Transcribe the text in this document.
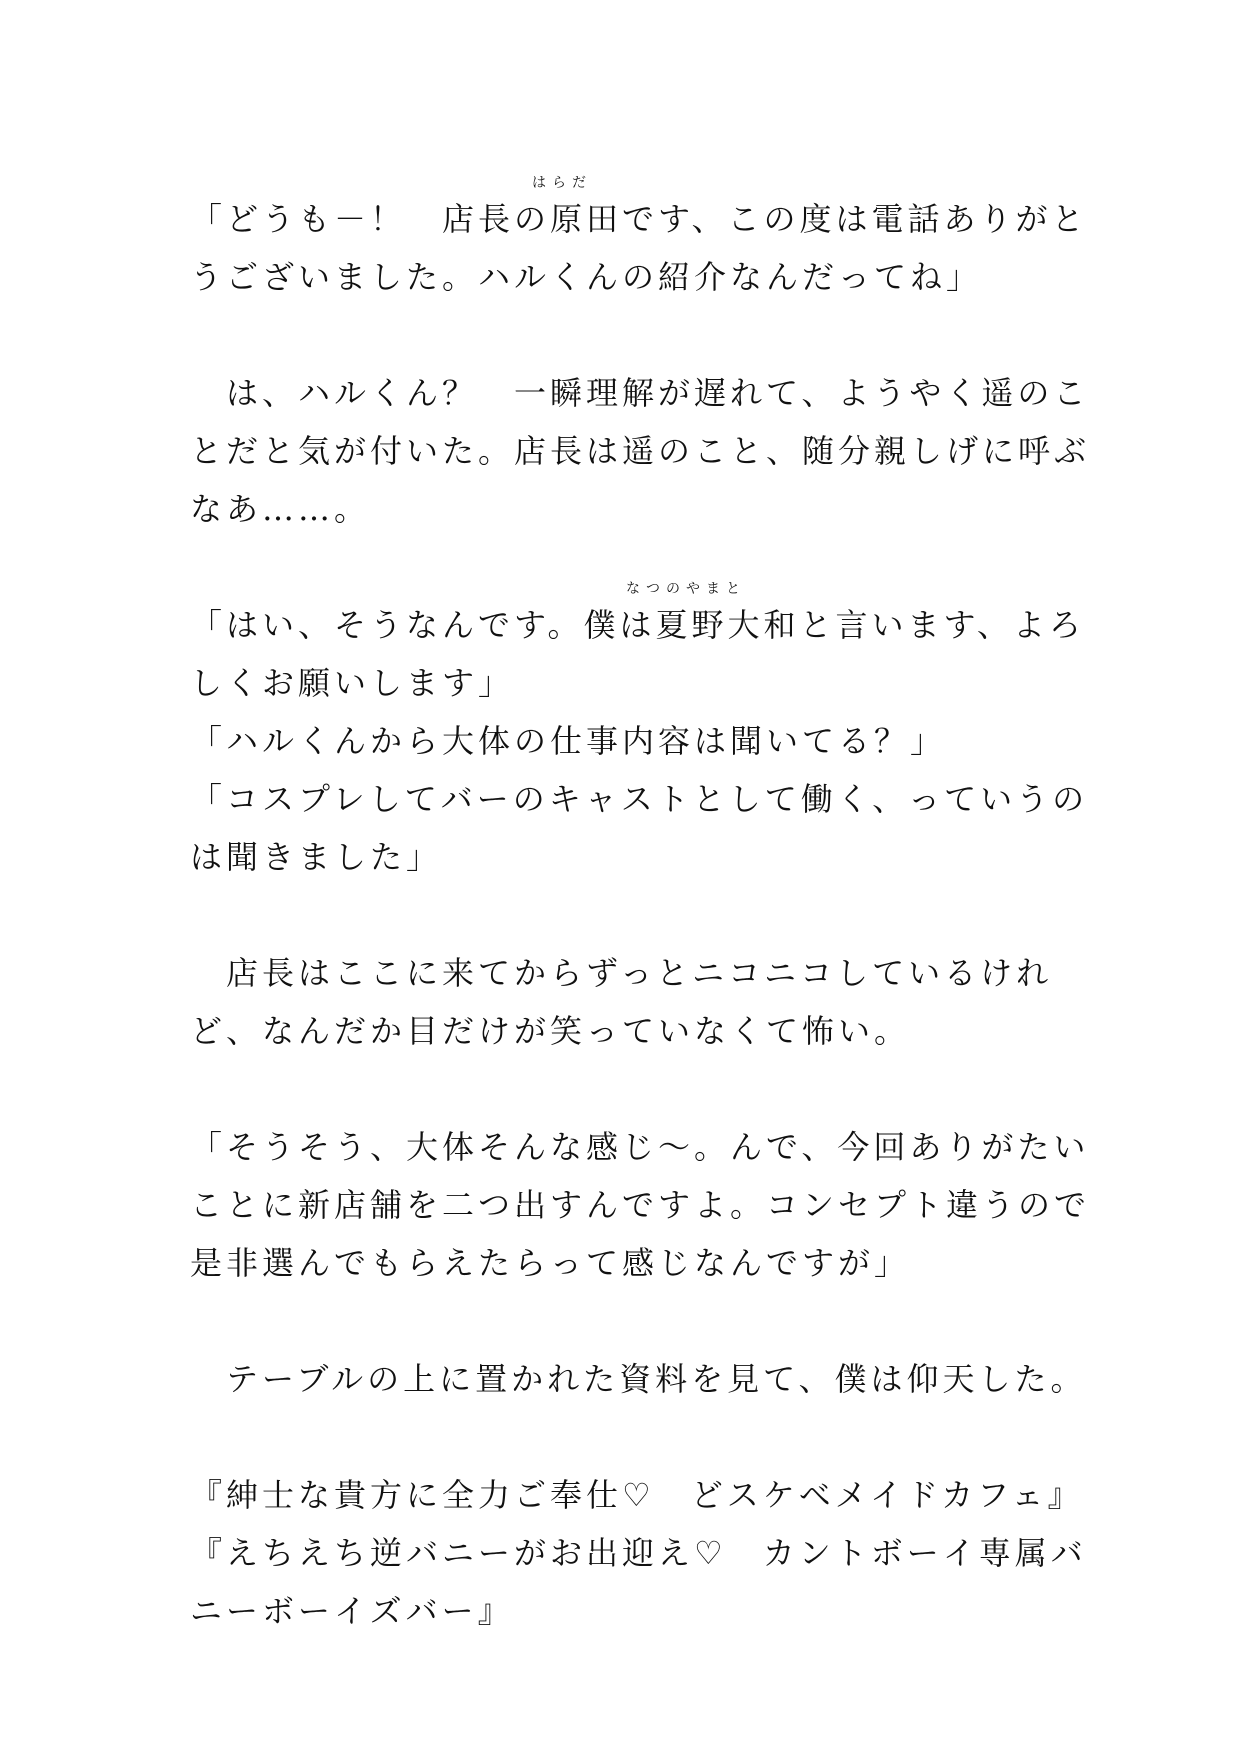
はらだ
「どうも－！　店長の原田です、この度は電話ありがと
うございました。ハルくんの紹介なんだってね」
　は、ハルくん？　一瞬理解が遅れて、ようやく遥のこ
とだと気が付いた。店長は遥のこと、随分親しげに呼ぶ
なあ……。
なつのやまと
「はい、そうなんです。僕は夏野大和と言います、よろ
しくお願いします」
「ハルくんから大体の仕事内容は聞いてる？」
「コスプレしてバーのキャストとして働く、っていうの
は聞きました」
　店長はここに来てからずっとニコニコしているけれ
ど、なんだか目だけが笑っていなくて怖い。
「そうそう、大体そんな感じ～。んで、今回ありがたい
ことに新店舗を二つ出すんですよ。コンセプト違うので
是非選んでもらえたらって感じなんですが」
　テーブルの上に置かれた資料を見て、僕は仰天した。
『紳士な貴方に全力ご奉仕♡　どスケベメイドカフェ』
『えちえち逆バニーがお出迎え♡　カントボーイ専属バ
ニーボーイズバー』
